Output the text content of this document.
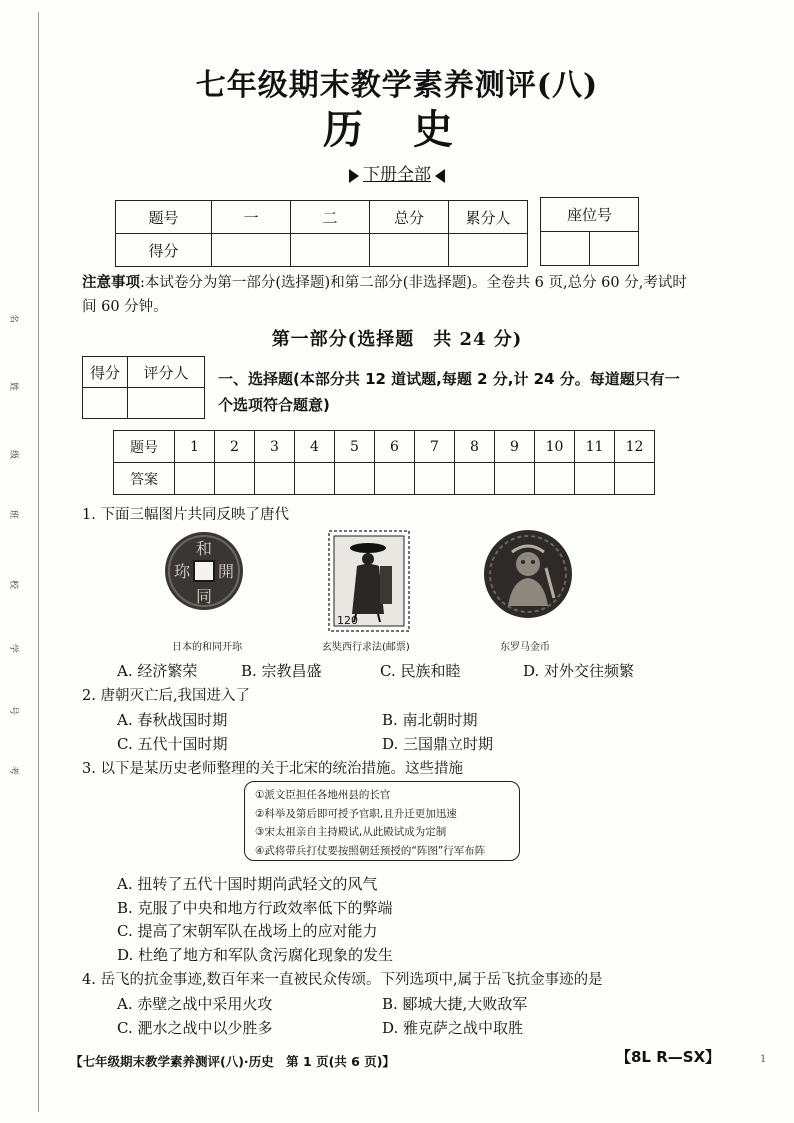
名
姓
级
班
校
学
号
考
七年级期末教学素养测评(八)
历 史
下册全部
题号	一	二	总分	累分人
得分				
座位号

注意事项:本试卷分为第一部分(选择题)和第二部分(非选择题)。全卷共 6 页,总分 60 分,考试时间 60 分钟。
第一部分(选择题　共 24 分)
得分	评分人
	一、选择题(本部分共 12 道试题,每题 2 分,计 24 分。每道题只有一个选项符合题意)
题号	1	2	3	4	5	6	7	8	9	10	11	12
答案												
1. 下面三幅图片共同反映了唐代
和
同
開
珎
120
日本的和同开珎	玄奘西行求法(邮票)	东罗马金币
A. 经济繁荣	B. 宗教昌盛	C. 民族和睦	D. 对外交往频繁
2. 唐朝灭亡后,我国进入了
A. 春秋战国时期	B. 南北朝时期
C. 五代十国时期	D. 三国鼎立时期
3. 以下是某历史老师整理的关于北宋的统治措施。这些措施
①派文臣担任各地州县的长官
②科举及第后即可授予官职,且升迁更加迅速
③宋太祖亲自主持殿试,从此殿试成为定制
④武将带兵打仗要按照朝廷预授的“阵图”行军布阵
A. 扭转了五代十国时期尚武轻文的风气
B. 克服了中央和地方行政效率低下的弊端
C. 提高了宋朝军队在战场上的应对能力
D. 杜绝了地方和军队贪污腐化现象的发生
4. 岳飞的抗金事迹,数百年来一直被民众传颂。下列选项中,属于岳飞抗金事迹的是
A. 赤壁之战中采用火攻	B. 郾城大捷,大败敌军
C. 淝水之战中以少胜多	D. 雅克萨之战中取胜
【七年级期末教学素养测评(八)·历史　第 1 页(共 6 页)】	【8L R—SX】	1
